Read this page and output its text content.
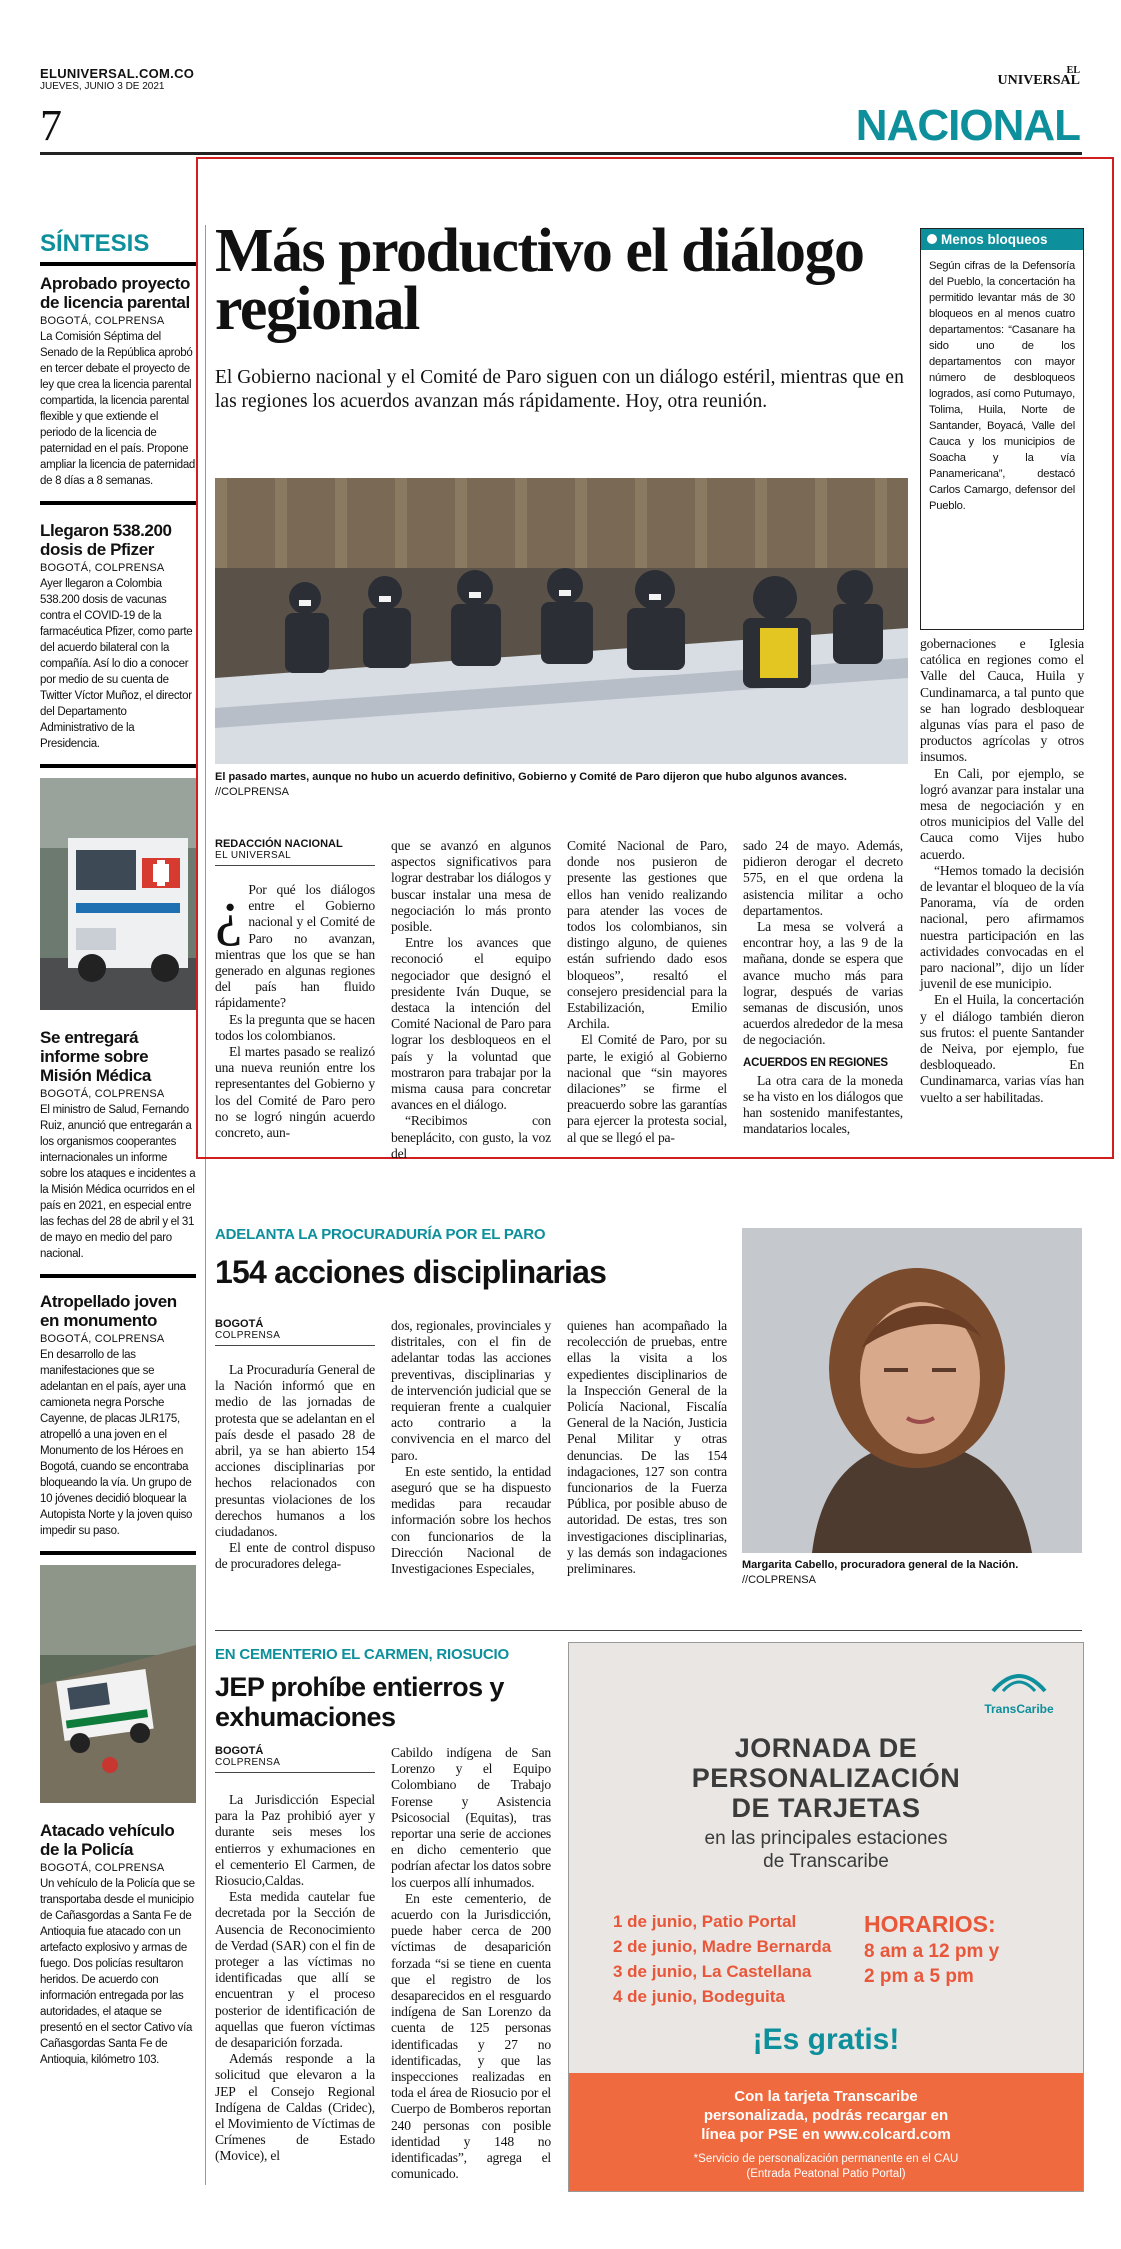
ELUNIVERSAL.COM.CO
JUEVES, JUNIO 3 DE 2021
EL
UNIVERSAL
7	NACIONAL
SÍNTESIS
Aprobado proyecto de licencia parental
BOGOTÁ, COLPRENSA
La Comisión Séptima del Senado de la República aprobó en tercer debate el proyecto de ley que crea la licencia parental compartida, la licencia parental flexible y que extiende el periodo de la licencia de paternidad en el país. Propone ampliar la licencia de paternidad de 8 días a 8 semanas.
Llegaron 538.200 dosis de Pfizer
BOGOTÁ, COLPRENSA
Ayer llegaron a Colombia 538.200 dosis de vacunas contra el COVID-19 de la farmacéutica Pfizer, como parte del acuerdo bilateral con la compañía. Así lo dio a conocer por medio de su cuenta de Twitter Víctor Muñoz, el director del Departamento Administrativo de la Presidencia.
Se entregará informe sobre Misión Médica
BOGOTÁ, COLPRENSA
El ministro de Salud, Fernando Ruiz, anunció que entregarán a los organismos cooperantes internacionales un informe sobre los ataques e incidentes a la Misión Médica ocurridos en el país en 2021, en especial entre las fechas del 28 de abril y el 31 de mayo en medio del paro nacional.
Atropellado joven en monumento
BOGOTÁ, COLPRENSA
En desarrollo de las manifestaciones que se adelantan en el país, ayer una camioneta negra Porsche Cayenne, de placas JLR175, atropelló a una joven en el Monumento de los Héroes en Bogotá, cuando se encontraba bloqueando la vía. Un grupo de 10 jóvenes decidió bloquear la Autopista Norte y la joven quiso impedir su paso.
Atacado vehículo de la Policía
BOGOTÁ, COLPRENSA
Un vehículo de la Policía que se transportaba desde el municipio de Cañasgordas a Santa Fe de Antioquia fue atacado con un artefacto explosivo y armas de fuego. Dos policías resultaron heridos. De acuerdo con información entregada por las autoridades, el ataque se presentó en el sector Cativo vía Cañasgordas Santa Fe de Antioquia, kilómetro 103.
Más productivo el diálogo regional
El Gobierno nacional y el Comité de Paro siguen con un diálogo estéril, mientras que en las regiones los acuerdos avanzan más rápidamente. Hoy, otra reunión.
El pasado martes, aunque no hubo un acuerdo definitivo, Gobierno y Comité de Paro dijeron que hubo algunos avances. //COLPRENSA
REDACCIÓN NACIONAL
EL UNIVERSAL
¿ Por qué los diálogos entre el Gobierno nacional y el Comité de Paro no avanzan, mientras que los que se han generado en algunas regiones del país han fluido rápidamente?

Es la pregunta que se hacen todos los colombianos.

El martes pasado se realizó una nueva reunión entre los representantes del Gobierno y los del Comité de Paro pero no se logró ningún acuerdo concreto, aun-

que se avanzó en algunos aspectos significativos para lograr destrabar los diálogos y buscar instalar una mesa de negociación lo más pronto posible.

Entre los avances que reconoció el equipo negociador que designó el presidente Iván Duque, se destaca la intención del Comité Nacional de Paro para lograr los desbloqueos en el país y la voluntad que mostraron para trabajar por la misma causa para concretar avances en el diálogo.

“Recibimos con beneplácito, con gusto, la voz del

Comité Nacional de Paro, donde nos pusieron de presente las gestiones que ellos han venido realizando para atender las voces de todos los colombianos, sin distingo alguno, de quienes están sufriendo dado esos bloqueos”, resaltó el consejero presidencial para la Estabilización, Emilio Archila.

El Comité de Paro, por su parte, le exigió al Gobierno nacional que “sin mayores dilaciones” se firme el preacuerdo sobre las garantías para ejercer la protesta social, al que se llegó el pa-

sado 24 de mayo. Además, pidieron derogar el decreto 575, en el que ordena la asistencia militar a ocho departamentos.

La mesa se volverá a encontrar hoy, a las 9 de la mañana, donde se espera que avance mucho más para lograr, después de varias semanas de discusión, unos acuerdos alrededor de la mesa de negociación.

ACUERDOS EN REGIONES

La otra cara de la moneda se ha visto en los diálogos que han sostenido manifestantes, mandatarios locales,

gobernaciones e Iglesia católica en regiones como el Valle del Cauca, Huila y Cundinamarca, a tal punto que se han logrado desbloquear algunas vías para el paso de productos agrícolas y otros insumos.

En Cali, por ejemplo, se logró avanzar para instalar una mesa de negociación y en otros municipios del Valle del Cauca como Vijes hubo acuerdo.

“Hemos tomado la decisión de levantar el bloqueo de la vía Panorama, vía de orden nacional, pero afirmamos nuestra participación en las actividades convocadas en el paro nacional”, dijo un líder juvenil de ese municipio.

En el Huila, la concertación y el diálogo también dieron sus frutos: el puente Santander de Neiva, por ejemplo, fue desbloqueado. En Cundinamarca, varias vías han vuelto a ser habilitadas.

Menos bloqueos
Según cifras de la Defensoría del Pueblo, la concertación ha permitido levantar más de 30 bloqueos en al menos cuatro departamentos: “Casanare ha sido uno de los departamentos con mayor número de desbloqueos logrados, así como Putumayo, Tolima, Huila, Norte de Santander, Boyacá, Valle del Cauca y los municipios de Soacha y la vía Panamericana”, destacó Carlos Camargo, defensor del Pueblo.
ADELANTA LA PROCURADURÍA POR EL PARO
154 acciones disciplinarias
BOGOTÁ
COLPRENSA

La Procuraduría General de la Nación informó que en medio de las jornadas de protesta que se adelantan en el país desde el pasado 28 de abril, ya se han abierto 154 acciones disciplinarias por hechos relacionados con presuntas violaciones de los derechos humanos a los ciudadanos.

El ente de control dispuso de procuradores delega-

dos, regionales, provinciales y distritales, con el fin de adelantar todas las acciones preventivas, disciplinarias y de intervención judicial que se requieran frente a cualquier acto contrario a la convivencia en el marco del paro.

En este sentido, la entidad aseguró que se ha dispuesto medidas para recaudar información sobre los hechos con funcionarios de la Dirección Nacional de Investigaciones Especiales,

quienes han acompañado la recolección de pruebas, entre ellas la visita a los expedientes disciplinarios de la Inspección General de la Policía Nacional, Fiscalía General de la Nación, Justicia Penal Militar y otras denuncias. De las 154 indagaciones, 127 son contra funcionarios de la Fuerza Pública, por posible abuso de autoridad. De estas, tres son investigaciones disciplinarias, y las demás son indagaciones preliminares.	Margarita Cabello, procuradora general de la Nación. //COLPRENSA
EN CEMENTERIO EL CARMEN, RIOSUCIO
JEP prohíbe entierros y exhumaciones
BOGOTÁ
COLPRENSA

La Jurisdicción Especial para la Paz prohibió ayer y durante seis meses los entierros y exhumaciones en el cementerio El Carmen, de Riosucio,Caldas.

Esta medida cautelar fue decretada por la Sección de Ausencia de Reconocimiento de Verdad (SAR) con el fin de proteger a las víctimas no identificadas que allí se encuentran y el proceso posterior de identificación de aquellas que fueron víctimas de desaparición forzada.

Además responde a la solicitud que elevaron a la JEP el Consejo Regional Indígena de Caldas (Cridec), el Movimiento de Víctimas de Crímenes de Estado (Movice), el

Cabildo indígena de San Lorenzo y el Equipo Colombiano de Trabajo Forense y Asistencia Psicosocial (Equitas), tras reportar una serie de acciones en dicho cementerio que podrían afectar los datos sobre los cuerpos allí inhumados.

En este cementerio, de acuerdo con la Jurisdicción, puede haber cerca de 200 víctimas de desaparición forzada “si se tiene en cuenta que el registro de los desaparecidos en el resguardo indígena de San Lorenzo da cuenta de 125 personas identificadas y 27 no identificadas, y que las inspecciones realizadas en toda el área de Riosucio por el Cuerpo de Bomberos reportan 240 personas con posible identidad y 148 no identificadas”, agrega el comunicado.

TransCaribe
JORNADA DE
PERSONALIZACIÓN
DE TARJETAS
en las principales estaciones
de Transcaribe
1 de junio, Patio Portal
2 de junio, Madre Bernarda
3 de junio, La Castellana
4 de junio, Bodeguita
HORARIOS:
8 am a 12 pm y
2 pm a 5 pm
¡Es gratis!
Con la tarjeta Transcaribe
personalizada, podrás recargar en
línea por PSE en www.colcard.com
*Servicio de personalización permanente en el CAU
(Entrada Peatonal Patio Portal)
